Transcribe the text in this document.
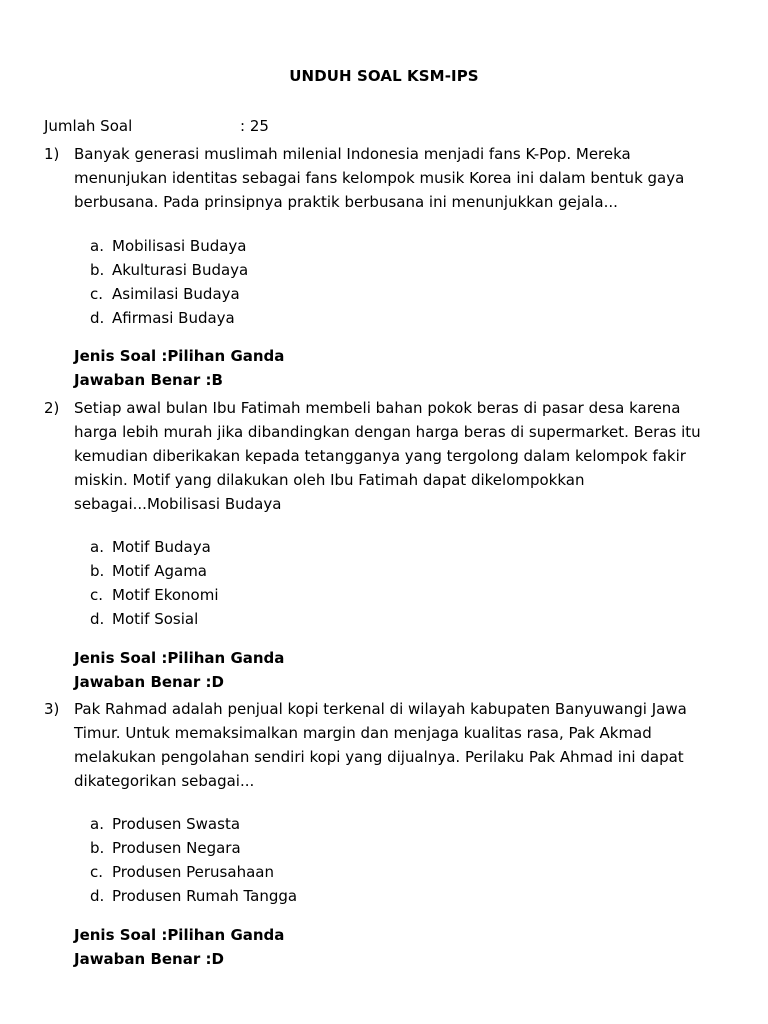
UNDUH SOAL KSM-IPS
Jumlah Soal	: 25
1) Banyak generasi muslimah milenial Indonesia menjadi fans K-Pop. Mereka
menunjukan identitas sebagai fans kelompok musik Korea ini dalam bentuk gaya
berbusana. Pada prinsipnya praktik berbusana ini menunjukkan gejala...
a. Mobilisasi Budaya
b. Akulturasi Budaya
c. Asimilasi Budaya
d. Afirmasi Budaya
Jenis Soal :Pilihan Ganda
Jawaban Benar :B
2) Setiap awal bulan Ibu Fatimah membeli bahan pokok beras di pasar desa karena
harga lebih murah jika dibandingkan dengan harga beras di supermarket. Beras itu
kemudian diberikakan kepada tetangganya yang tergolong dalam kelompok fakir
miskin. Motif yang dilakukan oleh Ibu Fatimah dapat dikelompokkan
sebagai...Mobilisasi Budaya
a. Motif Budaya
b. Motif Agama
c. Motif Ekonomi
d. Motif Sosial
Jenis Soal :Pilihan Ganda
Jawaban Benar :D
3) Pak Rahmad adalah penjual kopi terkenal di wilayah kabupaten Banyuwangi Jawa
Timur. Untuk memaksimalkan margin dan menjaga kualitas rasa, Pak Akmad
melakukan pengolahan sendiri kopi yang dijualnya. Perilaku Pak Ahmad ini dapat
dikategorikan sebagai...
a. Produsen Swasta
b. Produsen Negara
c. Produsen Perusahaan
d. Produsen Rumah Tangga
Jenis Soal :Pilihan Ganda
Jawaban Benar :D
